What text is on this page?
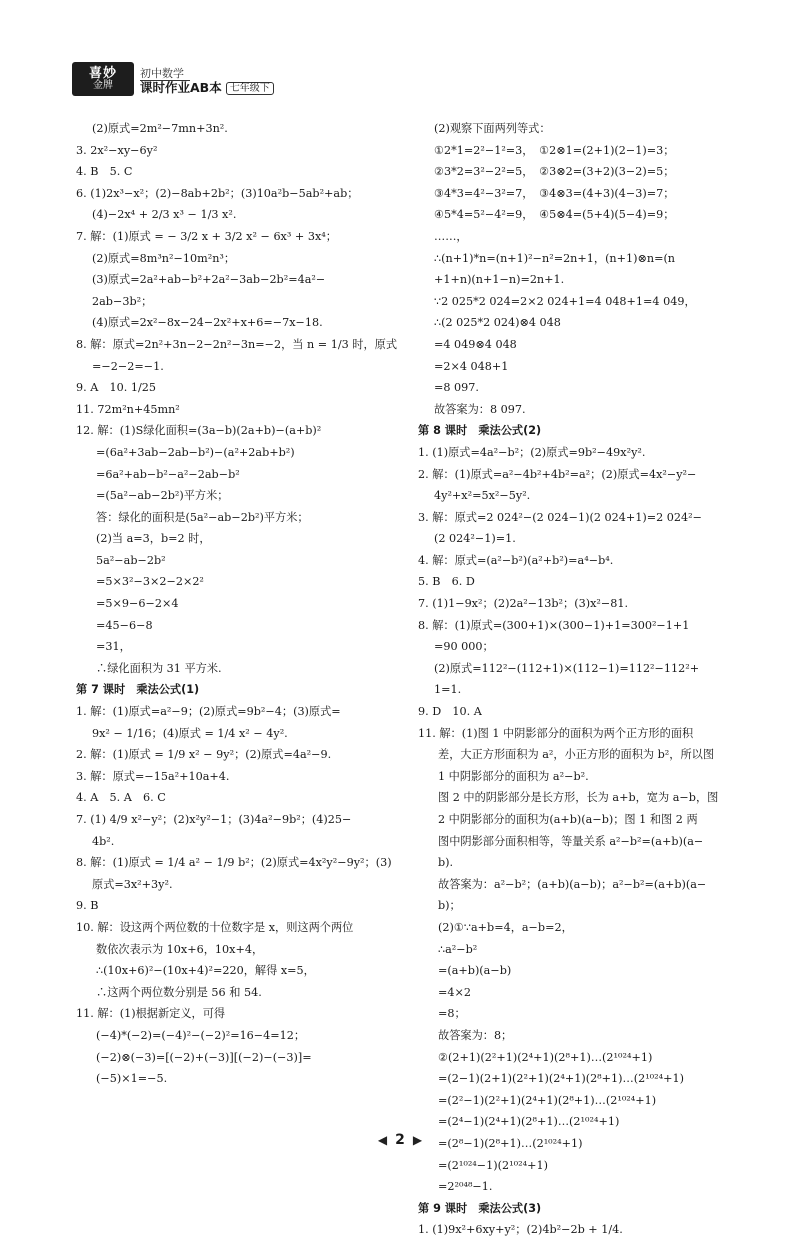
喜妙
金牌
初中数学
课时作业AB本 七年级下
(2)原式=2m²−7mn+3n².
3. 2x²−xy−6y²
4. B　5. C
6. (1)2x³−x²；(2)−8ab+2b²；(3)10a²b−5ab²+ab；
(4)−2x⁴ + 2/3 x³ − 1/3 x².
7. 解：(1)原式 = − 3/2 x + 3/2 x² − 6x³ + 3x⁴；
(2)原式=8m³n²−10m²n³；
(3)原式=2a²+ab−b²+2a²−3ab−2b²=4a²−
2ab−3b²；
(4)原式=2x²−8x−24−2x²+x+6=−7x−18.
8. 解：原式=2n²+3n−2−2n²−3n=−2，当 n = 1/3 时，原式
=−2−2=−1.
9. A　10. 1/25
11. 72m²n+45mn²
12. 解：(1)S绿化面积=(3a−b)(2a+b)−(a+b)²
=(6a²+3ab−2ab−b²)−(a²+2ab+b²)
=6a²+ab−b²−a²−2ab−b²
=(5a²−ab−2b²)平方米；
答：绿化的面积是(5a²−ab−2b²)平方米；
(2)当 a=3，b=2 时，
5a²−ab−2b²
=5×3²−3×2−2×2²
=5×9−6−2×4
=45−6−8
=31，
∴绿化面积为 31 平方米.
第 7 课时　乘法公式(1)
1. 解：(1)原式=a²−9；(2)原式=9b²−4；(3)原式=
9x² − 1/16；(4)原式 = 1/4 x² − 4y².
2. 解：(1)原式 = 1/9 x² − 9y²；(2)原式=4a²−9.
3. 解：原式=−15a²+10a+4.
4. A　5. A　6. C
7. (1) 4/9 x²−y²；(2)x²y²−1；(3)4a²−9b²；(4)25−
4b².
8. 解：(1)原式 = 1/4 a² − 1/9 b²；(2)原式=4x²y²−9y²；(3)
原式=3x²+3y².
9. B
10. 解：设这两个两位数的十位数字是 x，则这两个两位
数依次表示为 10x+6，10x+4，
∴(10x+6)²−(10x+4)²=220，解得 x=5，
∴这两个两位数分别是 56 和 54.
11. 解：(1)根据新定义，可得
(−4)*(−2)=(−4)²−(−2)²=16−4=12；
(−2)⊗(−3)=[(−2)+(−3)][(−2)−(−3)]=
(−5)×1=−5.
(2)观察下面两列等式：
①2*1=2²−1²=3，　①2⊗1=(2+1)(2−1)=3；
②3*2=3²−2²=5，　②3⊗2=(3+2)(3−2)=5；
③4*3=4²−3²=7，　③4⊗3=(4+3)(4−3)=7；
④5*4=5²−4²=9，　④5⊗4=(5+4)(5−4)=9；
……，
∴(n+1)*n=(n+1)²−n²=2n+1，(n+1)⊗n=(n
+1+n)(n+1−n)=2n+1.
∵2 025*2 024=2×2 024+1=4 048+1=4 049，
∴(2 025*2 024)⊗4 048
=4 049⊗4 048
=2×4 048+1
=8 097.
故答案为：8 097.
第 8 课时　乘法公式(2)
1. (1)原式=4a²−b²；(2)原式=9b²−49x²y².
2. 解：(1)原式=a²−4b²+4b²=a²；(2)原式=4x²−y²−
4y²+x²=5x²−5y².
3. 解：原式=2 024²−(2 024−1)(2 024+1)=2 024²−
(2 024²−1)=1.
4. 解：原式=(a²−b²)(a²+b²)=a⁴−b⁴.
5. B　6. D
7. (1)1−9x²；(2)2a²−13b²；(3)x²−81.
8. 解：(1)原式=(300+1)×(300−1)+1=300²−1+1
=90 000；
(2)原式=112²−(112+1)×(112−1)=112²−112²+
1=1.
9. D　10. A
11. 解：(1)图 1 中阴影部分的面积为两个正方形的面积
差，大正方形面积为 a²，小正方形的面积为 b²，所以图
1 中阴影部分的面积为 a²−b².
图 2 中的阴影部分是长方形，长为 a+b，宽为 a−b，图
2 中阴影部分的面积为(a+b)(a−b)；图 1 和图 2 两
图中阴影部分面积相等，等量关系 a²−b²=(a+b)(a−
b).
故答案为：a²−b²；(a+b)(a−b)；a²−b²=(a+b)(a−
b)；
(2)①∵a+b=4，a−b=2，
∴a²−b²
=(a+b)(a−b)
=4×2
=8；
故答案为：8；
②(2+1)(2²+1)(2⁴+1)(2⁸+1)…(2¹⁰²⁴+1)
=(2−1)(2+1)(2²+1)(2⁴+1)(2⁸+1)…(2¹⁰²⁴+1)
=(2²−1)(2²+1)(2⁴+1)(2⁸+1)…(2¹⁰²⁴+1)
=(2⁴−1)(2⁴+1)(2⁸+1)…(2¹⁰²⁴+1)
=(2⁸−1)(2⁸+1)…(2¹⁰²⁴+1)
=(2¹⁰²⁴−1)(2¹⁰²⁴+1)
=2²⁰⁴⁸−1.
第 9 课时　乘法公式(3)
1. (1)9x²+6xy+y²；(2)4b²−2b + 1/4.
◀ 2 ▶
